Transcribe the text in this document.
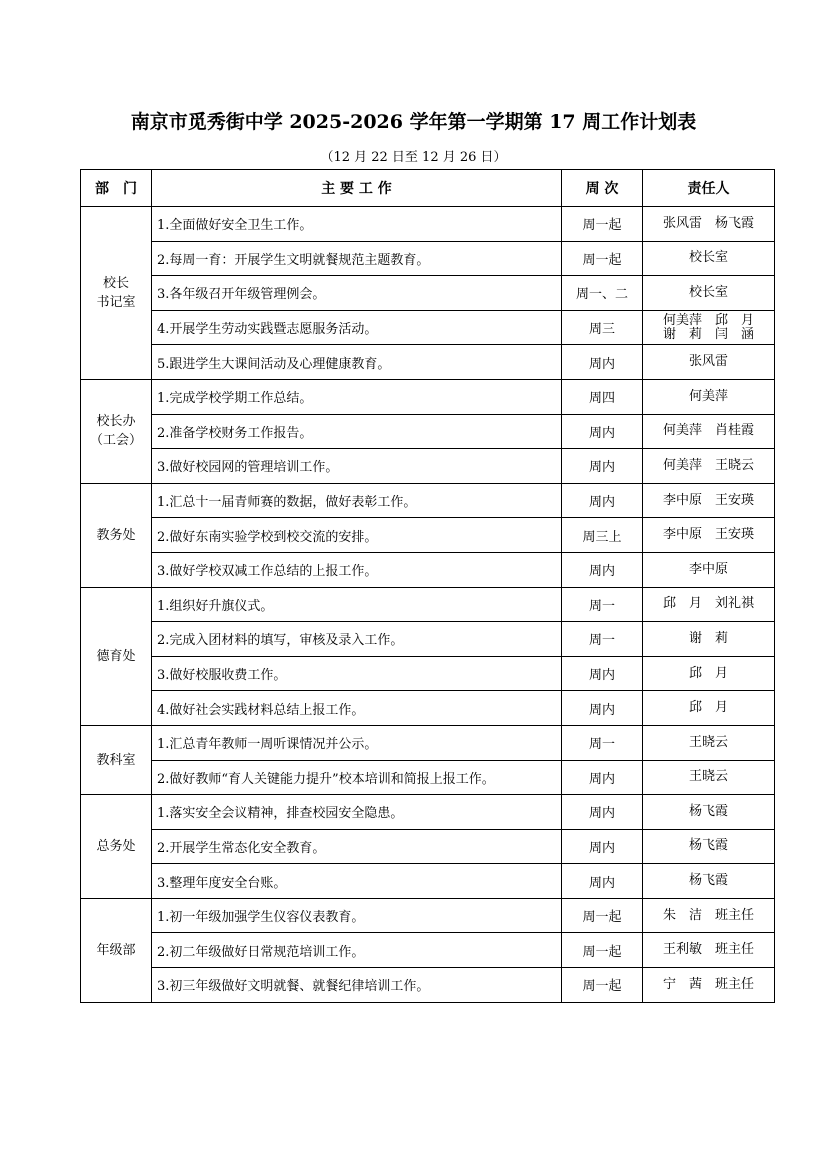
南京市觅秀街中学 2025-2026 学年第一学期第 17 周工作计划表
（12 月 22 日至 12 月 26 日）
部　门	主 要 工 作	周 次	责任人
校长
书记室	1.全面做好安全卫生工作。	周一起	张风雷　杨飞霞
	2.每周一育：开展学生文明就餐规范主题教育。	周一起	校长室
	3.各年级召开年级管理例会。	周一、二	校长室
	4.开展学生劳动实践暨志愿服务活动。	周三	何美萍　邱　月
谢　莉　闫　涵
	5.跟进学生大课间活动及心理健康教育。	周内	张风雷
校长办
（工会）	1.完成学校学期工作总结。	周四	何美萍
	2.准备学校财务工作报告。	周内	何美萍　肖桂霞
	3.做好校园网的管理培训工作。	周内	何美萍　王晓云
教务处	1.汇总十一届青师赛的数据，做好表彰工作。	周内	李中原　王安瑛
	2.做好东南实验学校到校交流的安排。	周三上	李中原　王安瑛
	3.做好学校双减工作总结的上报工作。	周内	李中原
德育处	1.组织好升旗仪式。	周一	邱　月　刘礼祺
	2.完成入团材料的填写，审核及录入工作。	周一	谢　莉
	3.做好校服收费工作。	周内	邱　月
	4.做好社会实践材料总结上报工作。	周内	邱　月
教科室	1.汇总青年教师一周听课情况并公示。	周一	王晓云
	2.做好教师“育人关键能力提升”校本培训和简报上报工作。	周内	王晓云
总务处	1.落实安全会议精神，排查校园安全隐患。	周内	杨飞霞
	2.开展学生常态化安全教育。	周内	杨飞霞
	3.整理年度安全台账。	周内	杨飞霞
年级部	1.初一年级加强学生仪容仪表教育。	周一起	朱　洁　班主任
	2.初二年级做好日常规范培训工作。	周一起	王利敏　班主任
	3.初三年级做好文明就餐、就餐纪律培训工作。	周一起	宁　茜　班主任
